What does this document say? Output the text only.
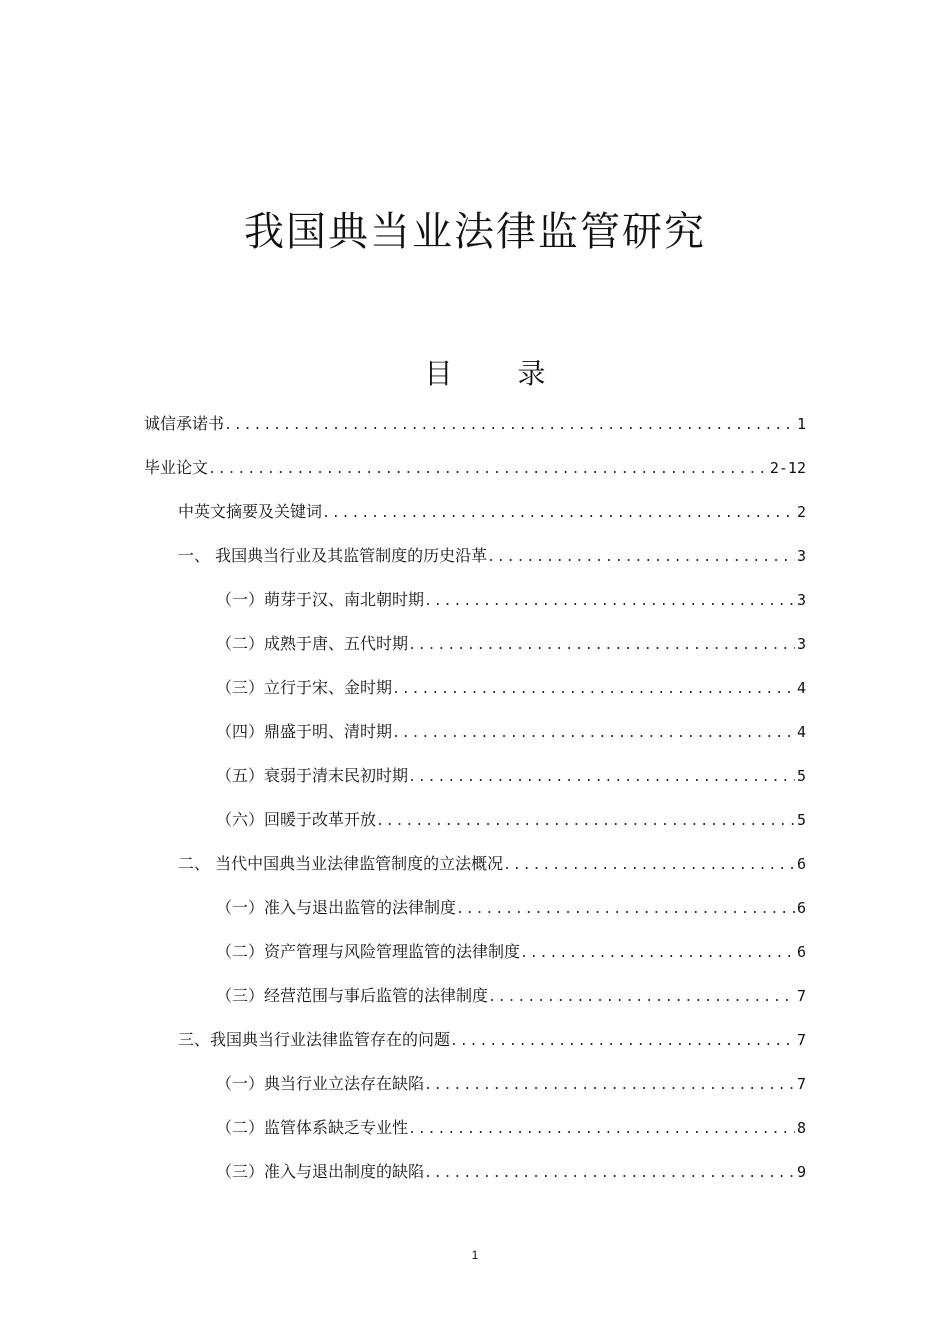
我国典当业法律监管研究
目 录
诚信承诺书 .....	1
毕业论文 .....	2-12
中英文摘要及关键词 .....	2
一、 我国典当行业及其监管制度的历史沿革 .....	3
（一）萌芽于汉、南北朝时期 .....	3
（二）成熟于唐、五代时期 .....	3
（三）立行于宋、金时期 .....	4
（四）鼎盛于明、清时期 .....	4
（五）衰弱于清末民初时期 .....	5
（六）回暖于改革开放 .....	5
二、 当代中国典当业法律监管制度的立法概况 .....	6
（一）准入与退出监管的法律制度 .....	6
（二）资产管理与风险管理监管的法律制度 .....	6
（三）经营范围与事后监管的法律制度 .....	7
三、我国典当行业法律监管存在的问题 .....	7
（一）典当行业立法存在缺陷 .....	7
（二）监管体系缺乏专业性 .....	8
（三）准入与退出制度的缺陷 .....	9
1
